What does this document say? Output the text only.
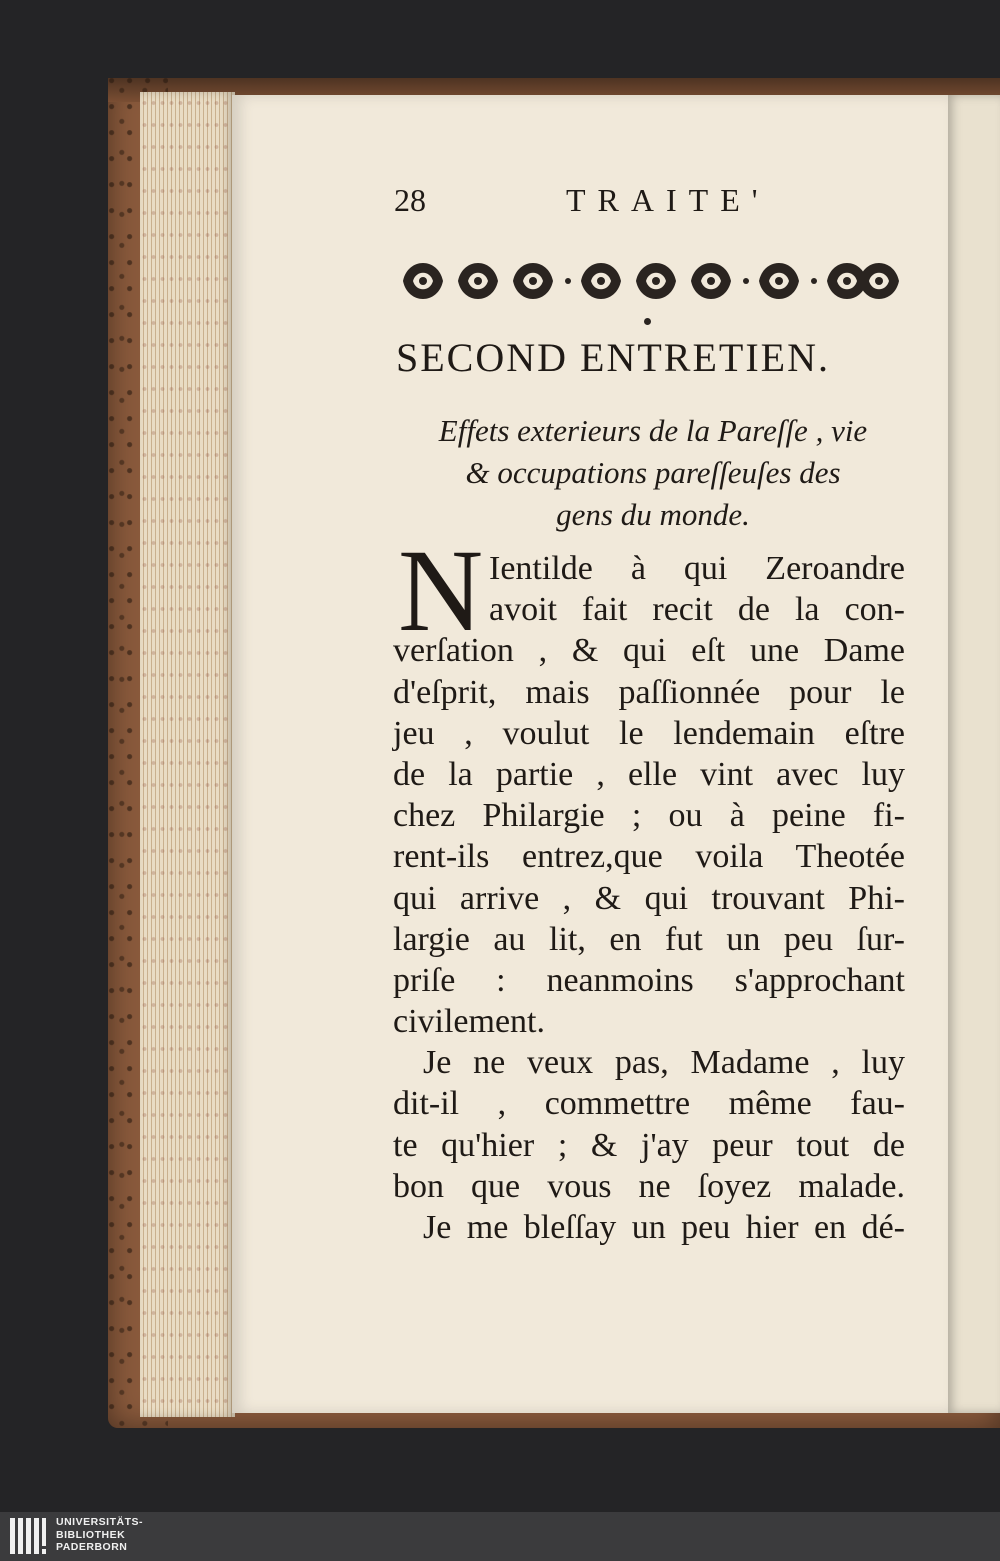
28	TRAITE'
SECOND ENTRETIEN.
Effets exterieurs de la Pareſſe , vie
& occupations pareſſeuſes des
gens du monde.
N Ientilde à qui Zeroandre
avoit fait recit de la con-
verſation , & qui eſt une Dame
d'eſprit, mais paſſionnée pour le
jeu , voulut le lendemain eſtre
de la partie , elle vint avec luy
chez Philargie ; ou à peine fi-
rent-ils entrez,que voila Theotée
qui arrive , & qui trouvant Phi-
largie au lit, en fut un peu ſur-
priſe : neanmoins s'approchant
civilement.
Je ne veux pas, Madame , luy
dit-il , commettre même fau-
te qu'hier ; & j'ay peur tout de
bon que vous ne ſoyez malade.
Je me bleſſay un peu hier en dé-
UNIVERSITÄTS-
BIBLIOTHEK
PADERBORN
